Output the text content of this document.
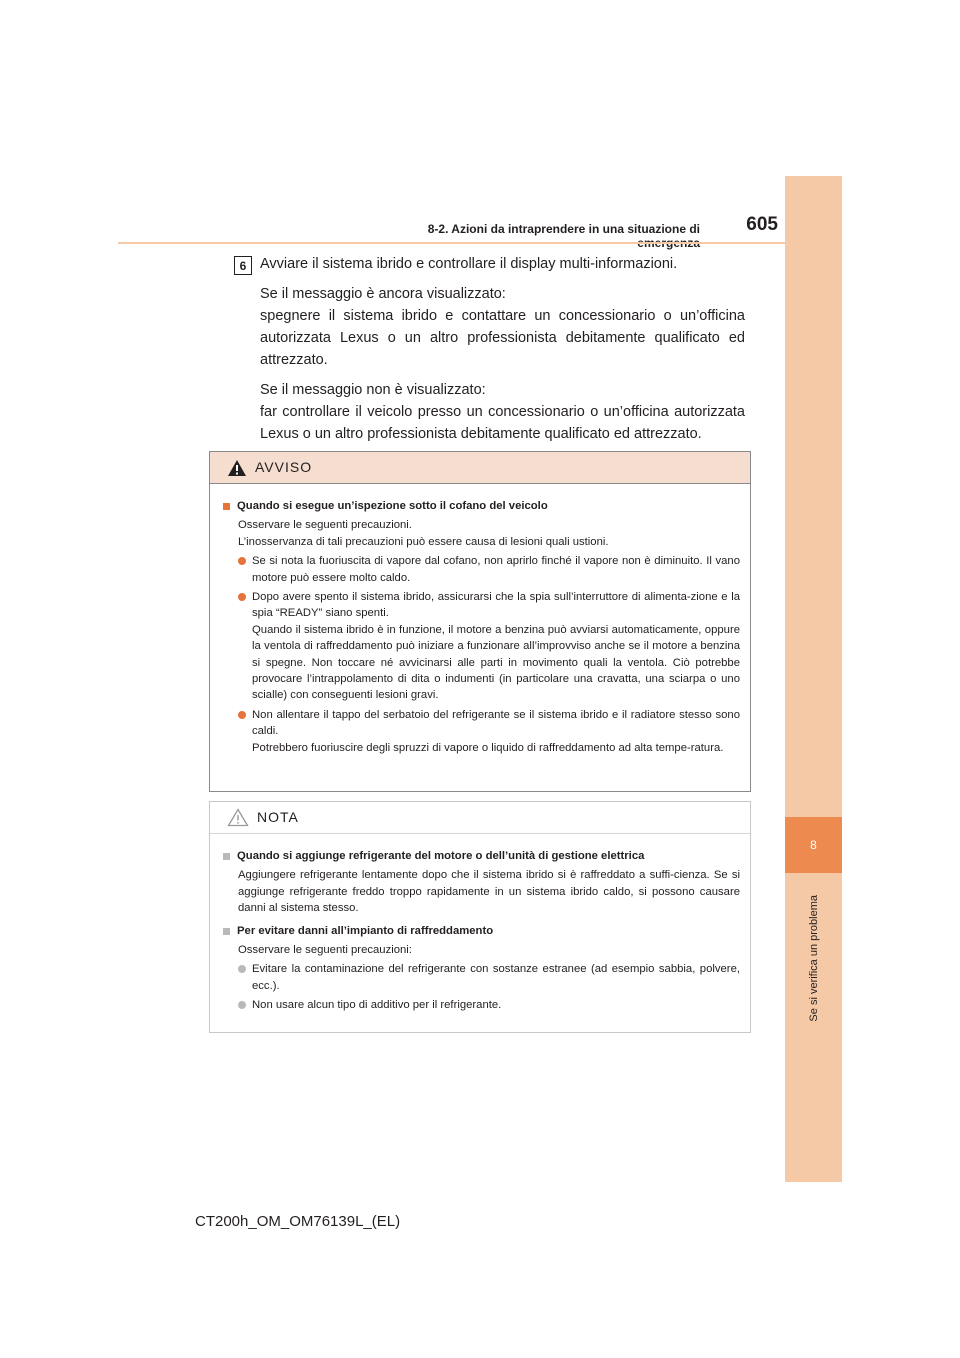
8
Se si verifica un problema
8-2. Azioni da intraprendere in una situazione di	605
6 Avviare il sistema ibrido e controllare il display multi-informazioni.

Se il messaggio è ancora visualizzato:
spegnere il sistema ibrido e contattare un concessionario o un’officina autorizzata Lexus o un altro professionista debitamente qualificato ed attrezzato.

Se il messaggio non è visualizzato:
far controllare il veicolo presso un concessionario o un’officina autorizzata Lexus o un altro professionista debitamente qualificato ed attrezzato.

AVVISO
Quando si esegue un’ispezione sotto il cofano del veicolo

Osservare le seguenti precauzioni.
L’inosservanza di tali precauzioni può essere causa di lesioni quali ustioni.

Se si nota la fuoriuscita di vapore dal cofano, non aprirlo finché il vapore non è diminuito. Il vano motore può essere molto caldo.
Dopo avere spento il sistema ibrido, assicurarsi che la spia sull’interruttore di alimenta-zione e la spia “READY” siano spenti.
Quando il sistema ibrido è in funzione, il motore a benzina può avviarsi automaticamente, oppure la ventola di raffreddamento può iniziare a funzionare all’improvviso anche se il motore a benzina si spegne. Non toccare né avvicinarsi alle parti in movimento quali la ventola. Ciò potrebbe provocare l’intrappolamento di dita o indumenti (in particolare una cravatta, una sciarpa o uno scialle) con conseguenti lesioni gravi.
Non allentare il tappo del serbatoio del refrigerante se il sistema ibrido e il radiatore stesso sono caldi.
Potrebbero fuoriuscire degli spruzzi di vapore o liquido di raffreddamento ad alta tempe-ratura.
NOTA
Quando si aggiunge refrigerante del motore o dell’unità di gestione elettrica

Aggiungere refrigerante lentamente dopo che il sistema ibrido si è raffreddato a suffi-cienza. Se si aggiunge refrigerante freddo troppo rapidamente in un sistema ibrido caldo, si possono causare danni al sistema stesso.

Per evitare danni all’impianto di raffreddamento

Osservare le seguenti precauzioni:

Evitare la contaminazione del refrigerante con sostanze estranee (ad esempio sabbia, polvere, ecc.).
Non usare alcun tipo di additivo per il refrigerante.
CT200h_OM_OM76139L_(EL)
